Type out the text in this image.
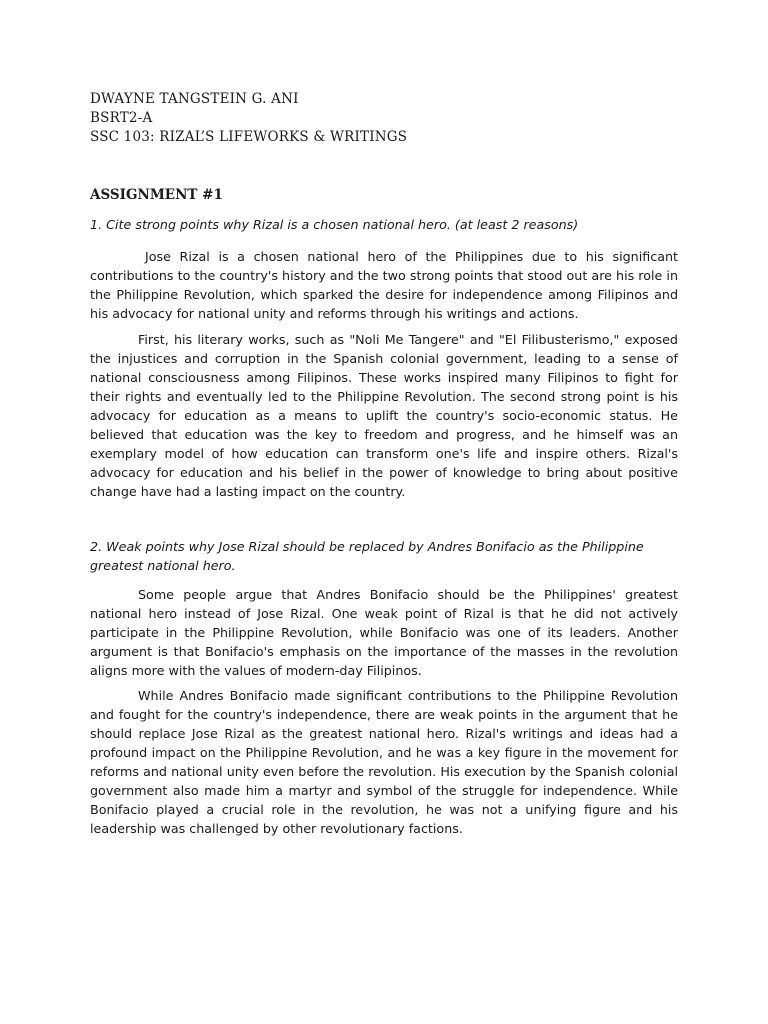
DWAYNE TANGSTEIN G. ANI
BSRT2-A
SSC 103: RIZAL’S LIFEWORKS & WRITINGS
ASSIGNMENT #1
1. Cite strong points why Rizal is a chosen national hero. (at least 2 reasons)
Jose Rizal is a chosen national hero of the Philippines due to his significant contributions to the country's history and the two strong points that stood out are his role in the Philippine Revolution, which sparked the desire for independence among Filipinos and his advocacy for national unity and reforms through his writings and actions.
First, his literary works, such as "Noli Me Tangere" and "El Filibusterismo," exposed the injustices and corruption in the Spanish colonial government, leading to a sense of national consciousness among Filipinos. These works inspired many Filipinos to fight for their rights and eventually led to the Philippine Revolution. The second strong point is his advocacy for education as a means to uplift the country's socio-economic status. He believed that education was the key to freedom and progress, and he himself was an exemplary model of how education can transform one's life and inspire others. Rizal's advocacy for education and his belief in the power of knowledge to bring about positive change have had a lasting impact on the country.
2. Weak points why Jose Rizal should be replaced by Andres Bonifacio as the Philippine greatest national hero.
Some people argue that Andres Bonifacio should be the Philippines' greatest national hero instead of Jose Rizal. One weak point of Rizal is that he did not actively participate in the Philippine Revolution, while Bonifacio was one of its leaders. Another argument is that Bonifacio's emphasis on the importance of the masses in the revolution aligns more with the values of modern-day Filipinos.
While Andres Bonifacio made significant contributions to the Philippine Revolution and fought for the country's independence, there are weak points in the argument that he should replace Jose Rizal as the greatest national hero. Rizal's writings and ideas had a profound impact on the Philippine Revolution, and he was a key figure in the movement for reforms and national unity even before the revolution. His execution by the Spanish colonial government also made him a martyr and symbol of the struggle for independence. While Bonifacio played a crucial role in the revolution, he was not a unifying figure and his leadership was challenged by other revolutionary factions.
